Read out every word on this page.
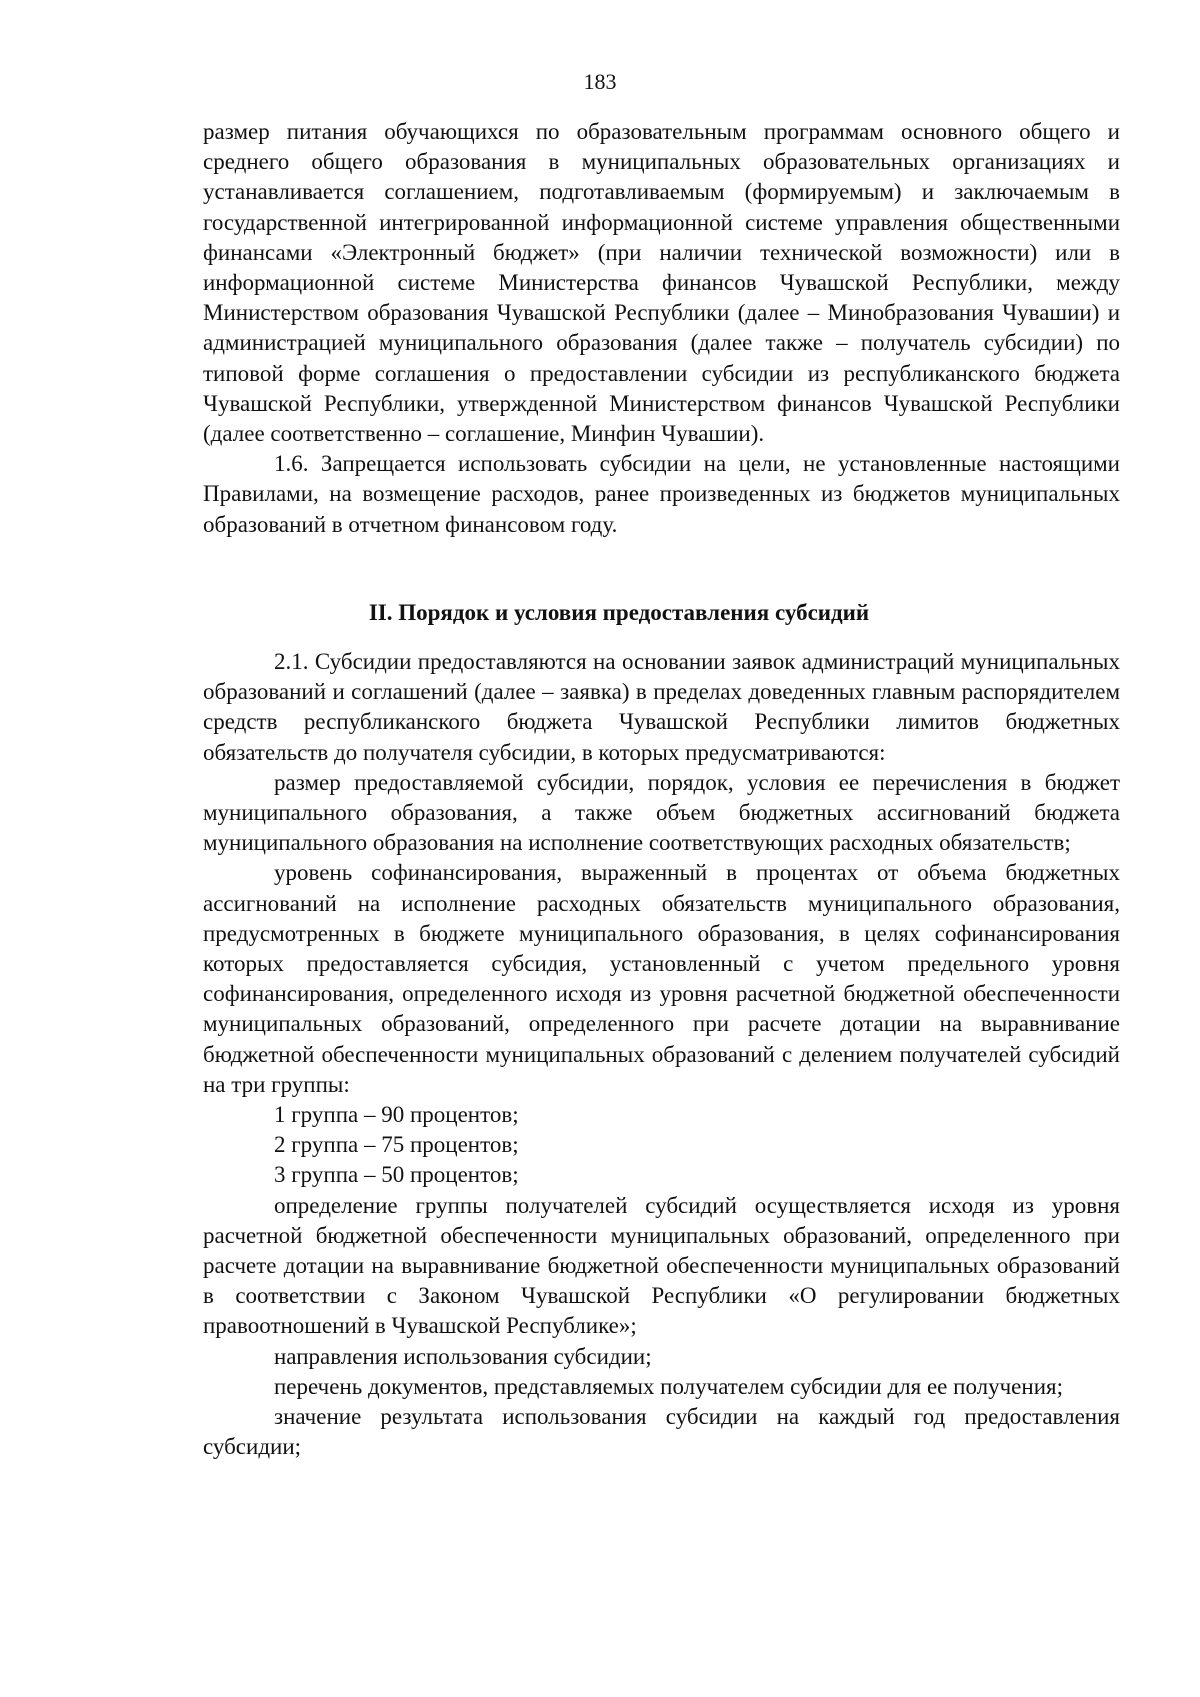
183

размер питания обучающихся по образовательным программам основного общего и среднего общего образования в муниципальных образовательных организациях и устанавливается соглашением, подготавливаемым (формируемым) и заключаемым в государственной интегрированной информационной системе управления общественными финансами «Электронный бюджет» (при наличии технической возможности) или в информационной системе Министерства финансов Чувашской Республики, между Министерством образования Чувашской Республики (далее – Минобразования Чувашии) и администрацией муниципального образования (далее также – получатель субсидии) по типовой форме соглашения о предоставлении субсидии из республиканского бюджета Чувашской Республики, утвержденной Министерством финансов Чувашской Республики (далее соответственно – соглашение, Минфин Чувашии).

1.6. Запрещается использовать субсидии на цели, не установленные настоящими Правилами, на возмещение расходов, ранее произведенных из бюджетов муниципальных образований в отчетном финансовом году.

II. Порядок и условия предоставления субсидий

2.1. Субсидии предоставляются на основании заявок администраций муниципальных образований и соглашений (далее – заявка) в пределах доведенных главным распорядителем средств республиканского бюджета Чувашской Республики лимитов бюджетных обязательств до получателя субсидии, в которых предусматриваются:

размер предоставляемой субсидии, порядок, условия ее перечисления в бюджет муниципального образования, а также объем бюджетных ассигнований бюджета муниципального образования на исполнение соответствующих расходных обязательств;

уровень софинансирования, выраженный в процентах от объема бюджетных ассигнований на исполнение расходных обязательств муниципального образования, предусмотренных в бюджете муниципального образования, в целях софинансирования которых предоставляется субсидия, установленный с учетом предельного уровня софинансирования, определенного исходя из уровня расчетной бюджетной обеспеченности муниципальных образований, определенного при расчете дотации на выравнивание бюджетной обеспеченности муниципальных образований с делением получателей субсидий на три группы:

1 группа – 90 процентов;

2 группа – 75 процентов;

3 группа – 50 процентов;

определение группы получателей субсидий осуществляется исходя из уровня расчетной бюджетной обеспеченности муниципальных образований, определенного при расчете дотации на выравнивание бюджетной обеспеченности муниципальных образований в соответствии с Законом Чувашской Республики «О регулировании бюджетных правоотношений в Чувашской Республике»;

направления использования субсидии;

перечень документов, представляемых получателем субсидии для ее получения;

значение результата использования субсидии на каждый год предоставления субсидии;
